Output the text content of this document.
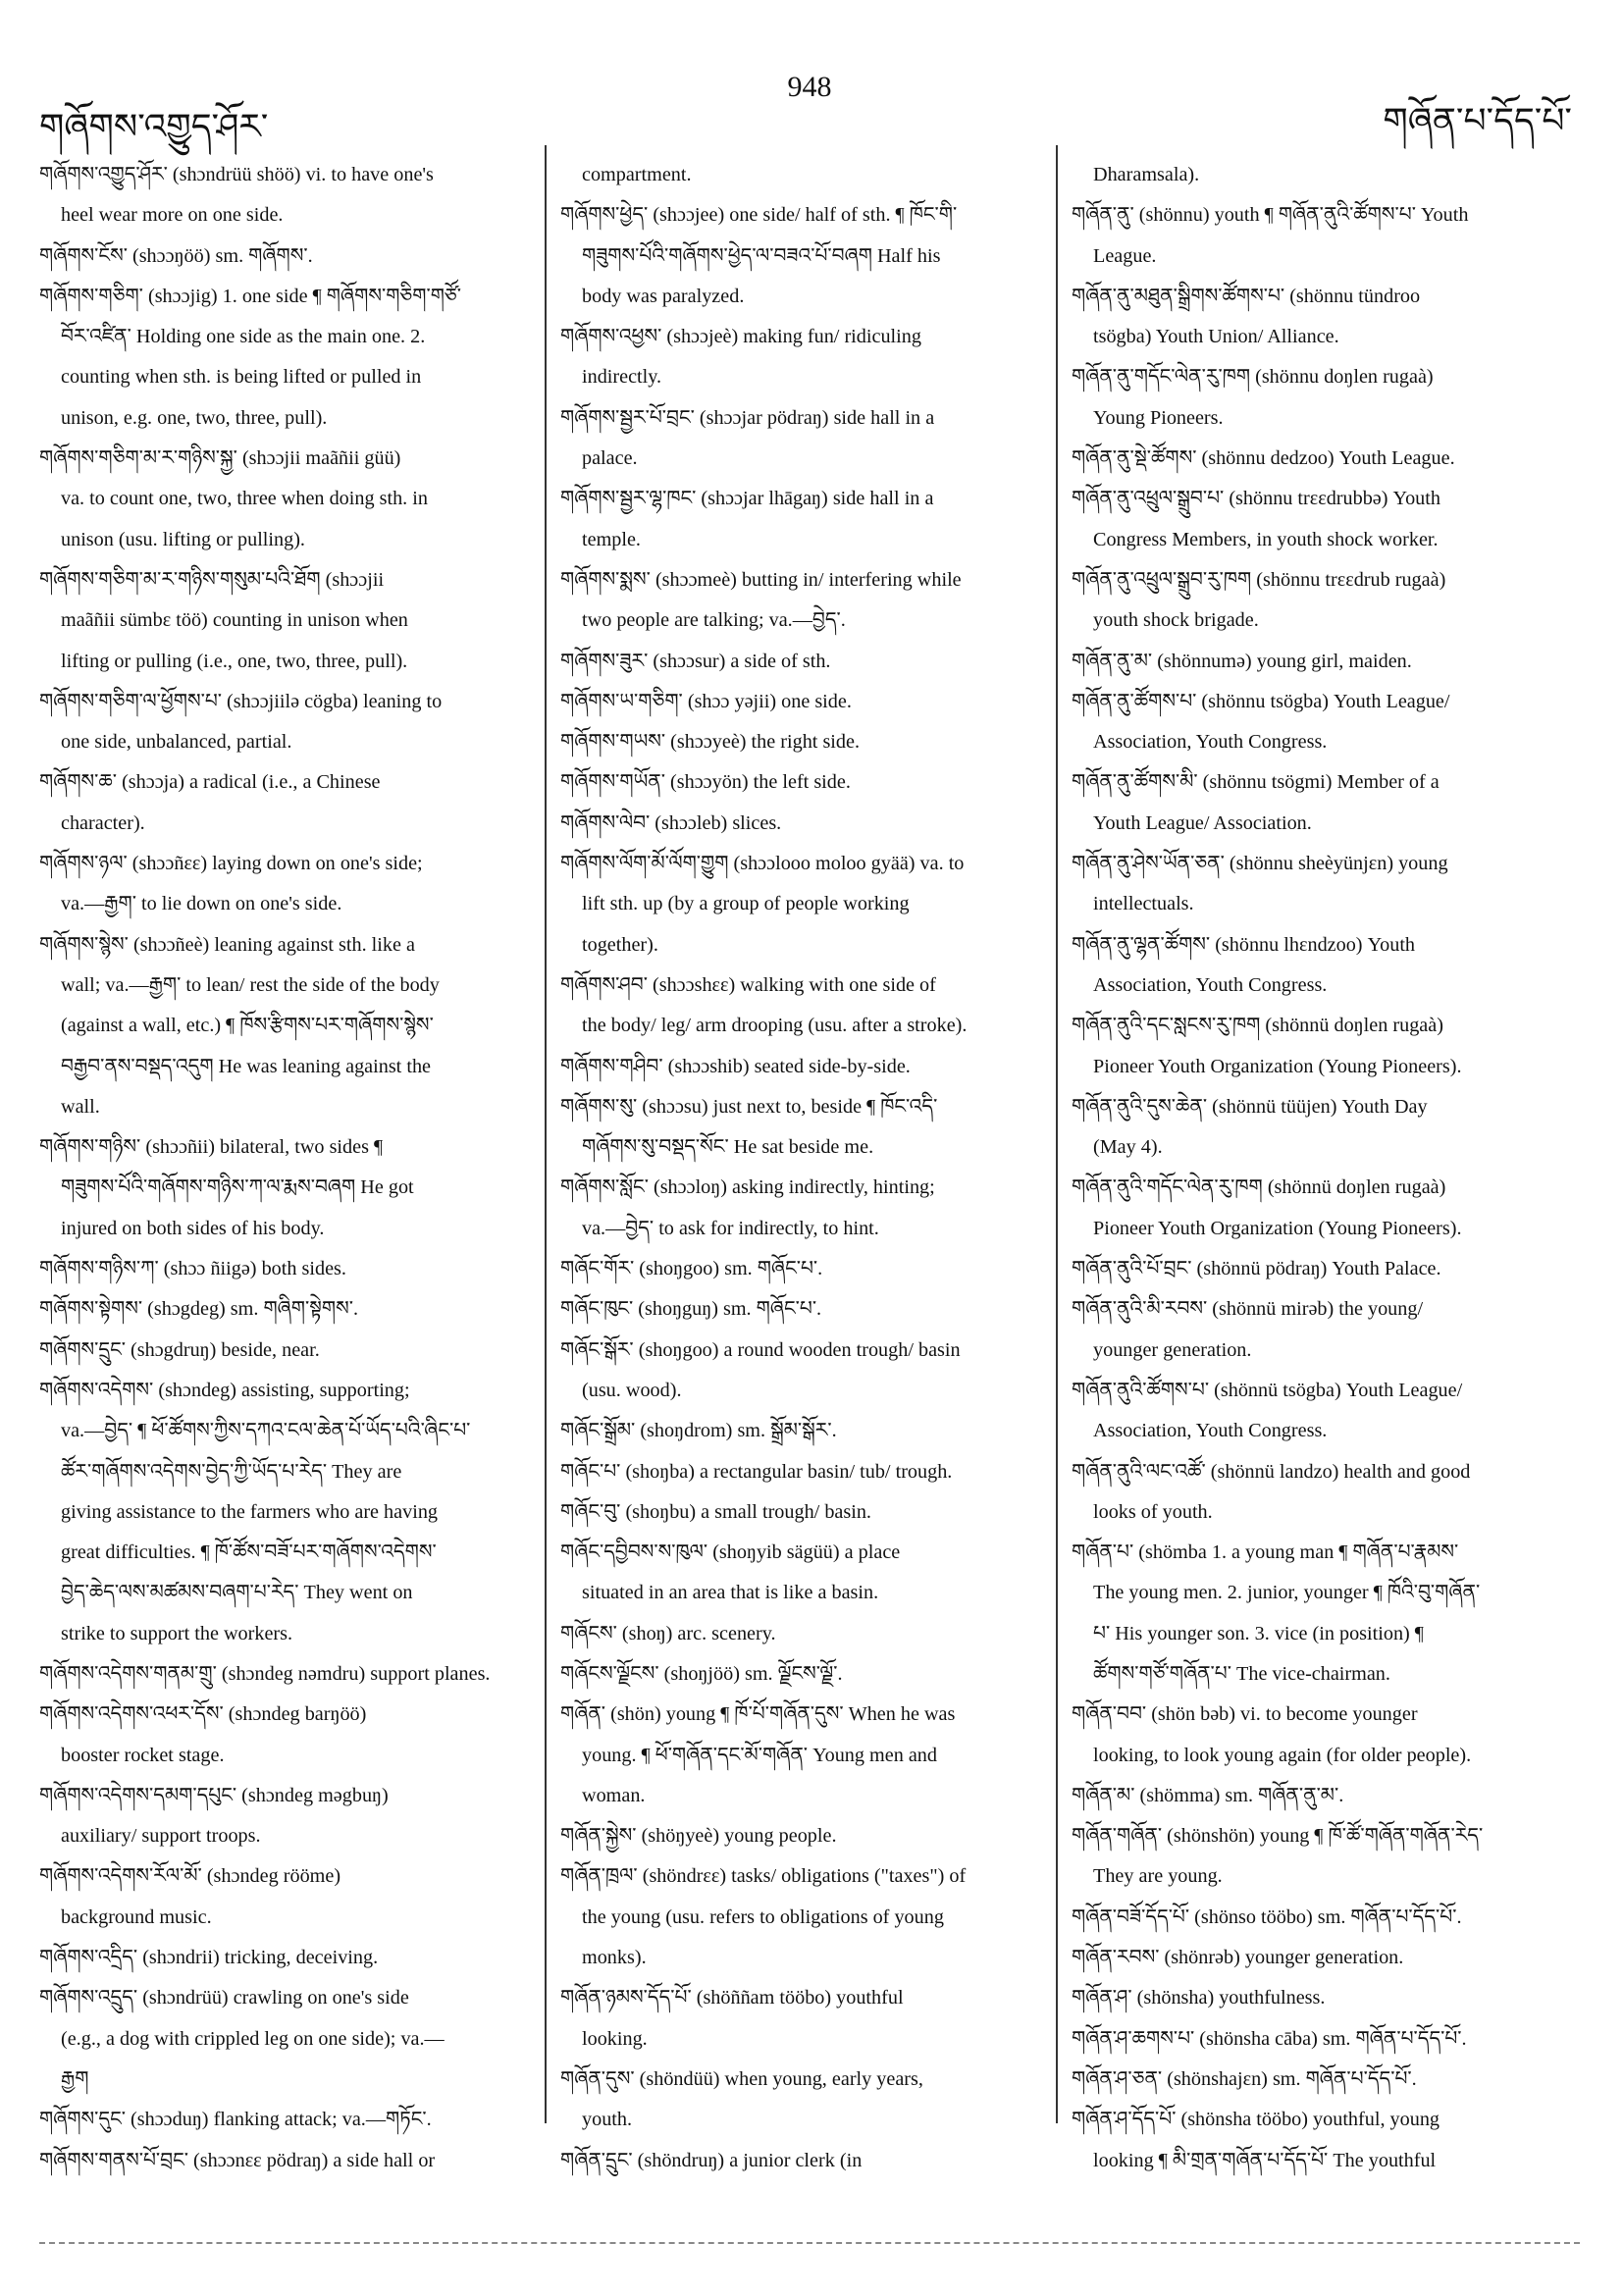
གཞོགས་འགྱུད་ཤོར་
948
གཞོན་པ་དོད་པོ་
གཞོགས་འགྱུད་ཤོར་ (shɔndrüü shöö) vi. to have one's
heel wear more on one side.
གཞོགས་ངོས་ (shɔɔŋöö) sm. གཞོགས་.
གཞོགས་གཅིག་ (shɔɔjig) 1. one side ¶ གཞོགས་གཅིག་གཙོ་
བོར་འཛིན་ Holding one side as the main one. 2.
counting when sth. is being lifted or pulled in
unison, e.g. one, two, three, pull).
གཞོགས་གཅིག་མ་ར་གཉིས་སྐྱ་ (shɔɔjii maãñii güü)
va. to count one, two, three when doing sth. in
unison (usu. lifting or pulling).
གཞོགས་གཅིག་མ་ར་གཉིས་གསུམ་པའི་ཐོག (shɔɔjii
maãñii sümbɛ töö) counting in unison when
lifting or pulling (i.e., one, two, three, pull).
གཞོགས་གཅིག་ལ་ཕྱོགས་པ་ (shɔɔjiilə cögba) leaning to
one side, unbalanced, partial.
གཞོགས་ཆ་ (shɔɔja) a radical (i.e., a Chinese
character).
གཞོགས་ཉལ་ (shɔɔñɛɛ) laying down on one's side;
va.—རྒྱག་ to lie down on one's side.
གཞོགས་སྙེས་ (shɔɔñeè) leaning against sth. like a
wall; va.—རྒྱག་ to lean/ rest the side of the body
(against a wall, etc.) ¶ ཁོས་རྩིགས་པར་གཞོགས་སྙེས་
བརྒྱབ་ནས་བསྡད་འདུག He was leaning against the
wall.
གཞོགས་གཉིས་ (shɔɔñii) bilateral, two sides ¶
གཟུགས་པོའི་གཞོགས་གཉིས་ཀ་ལ་རྨས་བཞག He got
injured on both sides of his body.
གཞོགས་གཉིས་ཀ་ (shɔɔ ñiigə) both sides.
གཞོགས་སྟེགས་ (shɔgdeg) sm. གཞིག་སྟེགས་.
གཞོགས་དྲུང་ (shɔgdruŋ) beside, near.
གཞོགས་འདེགས་ (shɔndeg) assisting, supporting;
va.—བྱེད་ ¶ ཕོ་ཚོགས་ཀྱིས་དཀའ་ངལ་ཆེན་པོ་ཡོད་པའི་ཞིང་པ་
ཚོར་གཞོགས་འདེགས་བྱེད་ཀྱི་ཡོད་པ་རེད་ They are
giving assistance to the farmers who are having
great difficulties. ¶ ཁོ་ཚོས་བཟོ་པར་གཞོགས་འདེགས་
བྱེད་ཆེད་ལས་མཚམས་བཞག་པ་རེད་ They went on
strike to support the workers.
གཞོགས་འདེགས་གནམ་གྲུ་ (shɔndeg nəmdru) support planes.
གཞོགས་འདེགས་འཕར་དོས་ (shɔndeg barŋöö)
booster rocket stage.
གཞོགས་འདེགས་དམག་དཔུང་ (shɔndeg məgbuŋ)
auxiliary/ support troops.
གཞོགས་འདེགས་རོལ་མོ་ (shɔndeg rööme)
background music.
གཞོགས་འདྲིད་ (shɔndrii) tricking, deceiving.
གཞོགས་འདྲུད་ (shɔndrüü) crawling on one's side
(e.g., a dog with crippled leg on one side); va.—
རྒྱག
གཞོགས་དུང་ (shɔɔduŋ) flanking attack; va.—གཏོང་.
གཞོགས་གནས་པོ་བྲང་ (shɔɔnɛɛ pödraŋ) a side hall or
compartment.
གཞོགས་ཕྱེད་ (shɔɔjee) one side/ half of sth. ¶ ཁོང་གི་
གཟུགས་པོའི་གཞོགས་ཕྱེད་ལ་བཟའ་པོ་བཞག Half his
body was paralyzed.
གཞོགས་འཕྱས་ (shɔɔjeè) making fun/ ridiculing
indirectly.
གཞོགས་སྦྱར་པོ་བྲང་ (shɔɔjar pödraŋ) side hall in a
palace.
གཞོགས་སྦྱར་ལྷ་ཁང་ (shɔɔjar lhāgaŋ) side hall in a
temple.
གཞོགས་སྨས་ (shɔɔmeè) butting in/ interfering while
two people are talking; va.—བྱེད་.
གཞོགས་ཟུར་ (shɔɔsur) a side of sth.
གཞོགས་ཡ་གཅིག་ (shɔɔ yəjii) one side.
གཞོགས་གཡས་ (shɔɔyeè) the right side.
གཞོགས་གཡོན་ (shɔɔyön) the left side.
གཞོགས་ལེབ་ (shɔɔleb) slices.
གཞོགས་ལོག་མོ་ལོག་གྱུག (shɔɔlooo moloo gyää) va. to
lift sth. up (by a group of people working
together).
གཞོགས་ཤབ་ (shɔɔshɛɛ) walking with one side of
the body/ leg/ arm drooping (usu. after a stroke).
གཞོགས་གཤིབ་ (shɔɔshib) seated side-by-side.
གཞོགས་སུ་ (shɔɔsu) just next to, beside ¶ ཁོང་འདི་
གཞོགས་སུ་བསྡད་སོང་ He sat beside me.
གཞོགས་སློང་ (shɔɔloŋ) asking indirectly, hinting;
va.—བྱེད་ to ask for indirectly, to hint.
གཞོང་གོར་ (shoŋgoo) sm. གཞོང་པ་.
གཞོང་ཁུང་ (shoŋguŋ) sm. གཞོང་པ་.
གཞོང་སྒོར་ (shoŋgoo) a round wooden trough/ basin
(usu. wood).
གཞོང་སྒྲོམ་ (shoŋdrom) sm. སྒྲོམ་སྒོར་.
གཞོང་པ་ (shoŋba) a rectangular basin/ tub/ trough.
གཞོང་བུ་ (shoŋbu) a small trough/ basin.
གཞོང་དབྱིབས་ས་ཁུལ་ (shoŋyib sägüü) a place
situated in an area that is like a basin.
གཞོངས་ (shoŋ) arc. scenery.
གཞོངས་ལྗོངས་ (shoŋjöö) sm. ལྗོངས་ལྗོ་.
གཞོན་ (shön) young ¶ ཁོ་པོ་གཞོན་དུས་ When he was
young. ¶ ཕོ་གཞོན་དང་མོ་གཞོན་ Young men and
woman.
གཞོན་སྐྱེས་ (shöŋyeè) young people.
གཞོན་ཁྲལ་ (shöndrɛɛ) tasks/ obligations ("taxes") of
the young (usu. refers to obligations of young
monks).
གཞོན་ཉམས་དོད་པོ་ (shöññam tööbo) youthful
looking.
གཞོན་དུས་ (shöndüü) when young, early years,
youth.
གཞོན་དྲུང་ (shöndruŋ) a junior clerk (in
Dharamsala).
གཞོན་ནུ་ (shönnu) youth ¶ གཞོན་ནུའི་ཚོགས་པ་ Youth
League.
གཞོན་ནུ་མཐུན་སྒྲིགས་ཚོགས་པ་ (shönnu tündroo
tsögba) Youth Union/ Alliance.
གཞོན་ནུ་གདོང་ལེན་རུ་ཁག (shönnu doŋlen rugaà)
Young Pioneers.
གཞོན་ནུ་སྡེ་ཚོགས་ (shönnu dedzoo) Youth League.
གཞོན་ནུ་འཕྲུལ་སྒྲུབ་པ་ (shönnu trɛɛdrubbə) Youth
Congress Members, in youth shock worker.
གཞོན་ནུ་འཕྲུལ་སྒྲུབ་རུ་ཁག (shönnu trɛɛdrub rugaà)
youth shock brigade.
གཞོན་ནུ་མ་ (shönnumə) young girl, maiden.
གཞོན་ནུ་ཚོགས་པ་ (shönnu tsögba) Youth League/
Association, Youth Congress.
གཞོན་ནུ་ཚོགས་མི་ (shönnu tsögmi) Member of a
Youth League/ Association.
གཞོན་ནུ་ཤེས་ཡོན་ཅན་ (shönnu sheèyünjɛn) young
intellectuals.
གཞོན་ནུ་ལྷན་ཚོགས་ (shönnu lhɛndzoo) Youth
Association, Youth Congress.
གཞོན་ནུའི་དང་སླངས་རུ་ཁག (shönnü doŋlen rugaà)
Pioneer Youth Organization (Young Pioneers).
གཞོན་ནུའི་དུས་ཆེན་ (shönnü tüüjen) Youth Day
(May 4).
གཞོན་ནུའི་གདོང་ལེན་རུ་ཁག (shönnü doŋlen rugaà)
Pioneer Youth Organization (Young Pioneers).
གཞོན་ནུའི་པོ་བྲང་ (shönnü pödraŋ) Youth Palace.
གཞོན་ནུའི་མི་རབས་ (shönnü mirəb) the young/
younger generation.
གཞོན་ནུའི་ཚོགས་པ་ (shönnü tsögba) Youth League/
Association, Youth Congress.
གཞོན་ནུའི་ལང་འཚོ་ (shönnü landzo) health and good
looks of youth.
གཞོན་པ་ (shömba 1. a young man ¶ གཞོན་པ་རྣམས་
The young men. 2. junior, younger ¶ ཁོའི་བུ་གཞོན་
པ་ His younger son. 3. vice (in position) ¶
ཚོགས་གཙོ་གཞོན་པ་ The vice-chairman.
གཞོན་བབ་ (shön bəb) vi. to become younger
looking, to look young again (for older people).
གཞོན་མ་ (shömma) sm. གཞོན་ནུ་མ་.
གཞོན་གཞོན་ (shönshön) young ¶ ཁོ་ཚོ་གཞོན་གཞོན་རེད་
They are young.
གཞོན་བཟོ་དོད་པོ་ (shönso tööbo) sm. གཞོན་པ་དོད་པོ་.
གཞོན་རབས་ (shönrəb) younger generation.
གཞོན་ཤ་ (shönsha) youthfulness.
གཞོན་ཤ་ཆགས་པ་ (shönsha cāba) sm. གཞོན་པ་དོད་པོ་.
གཞོན་ཤ་ཅན་ (shönshajɛn) sm. གཞོན་པ་དོད་པོ་.
གཞོན་ཤ་དོད་པོ་ (shönsha tööbo) youthful, young
looking ¶ མི་གྲན་གཞོན་པ་དོད་པོ་ The youthful
